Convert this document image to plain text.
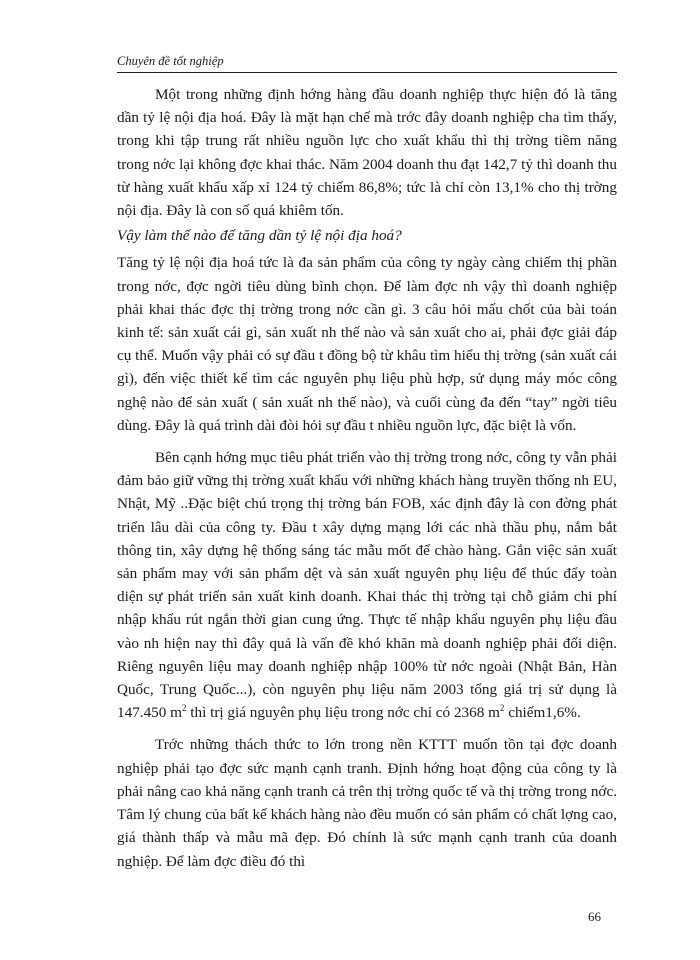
Chuyên đề tốt nghiệp

Một trong những định hớng hàng đầu doanh nghiệp thực hiện đó là tăng dần tỷ lệ nội địa hoá. Đây là mặt hạn chế mà trớc đây doanh nghiệp cha tìm thấy, trong khi tập trung rất nhiều nguồn lực cho xuất khẩu thì thị trờng tiềm năng trong nớc lại không đợc khai thác. Năm 2004 doanh thu đạt 142,7 tỷ thì doanh thu từ hàng xuất khẩu xấp xỉ 124 tỷ chiếm 86,8%; tức là chỉ còn 13,1% cho thị trờng nội địa. Đây là con số quá khiêm tốn.

Vậy làm thế nào để tăng dần tỷ lệ nội địa hoá?

Tăng tỷ lệ nội địa hoá tức là đa sản phẩm của công ty ngày càng chiếm thị phần trong nớc, đợc ngời tiêu dùng bình chọn. Để làm đợc nh vậy thì doanh nghiệp phải khai thác đợc thị trờng trong nớc cần gì. 3 câu hỏi mấu chốt của bài toán kinh tế: sản xuất cái gì, sản xuất nh thế nào và sản xuất cho ai, phải đợc giải đáp cụ thể. Muốn vậy phải có sự đầu t đồng bộ từ khâu tìm hiểu thị trờng (sản xuất cái gì), đến việc thiết kế tìm các nguyên phụ liệu phù hợp, sử dụng máy móc công nghệ nào để sản xuất ( sản xuất nh thế nào), và cuối cùng đa đến “tay” ngời tiêu dùng. Đây là quá trình dài đòi hỏi sự đầu t nhiều nguồn lực, đặc biệt là vốn.

Bên cạnh hớng mục tiêu phát triển vào thị trờng trong nớc, công ty vẫn phải đảm bảo giữ vững thị trờng xuất khẩu với những khách hàng truyền thống nh EU, Nhật, Mỹ ..Đặc biệt chú trọng thị trờng bán FOB, xác định đây là con đờng phát triển lâu dài của công ty. Đầu t xây dựng mạng lới các nhà thầu phụ, nắm bắt thông tin, xây dựng hệ thống sáng tác mẫu mốt để chào hàng. Gắn việc sản xuất sản phẩm may với sản phẩm dệt và sản xuất nguyên phụ liệu để thúc đẩy toàn diện sự phát triển sản xuất kinh doanh. Khai thác thị trờng tại chỗ giảm chi phí nhập khẩu rút ngắn thời gian cung ứng. Thực tế nhập khẩu nguyên phụ liệu đầu vào nh hiện nay thì đây quả là vấn đề khó khăn mà doanh nghiệp phải đối diện. Riêng nguyên liệu may doanh nghiệp nhập 100% từ nớc ngoài (Nhật Bản, Hàn Quốc, Trung Quốc...), còn nguyên phụ liệu năm 2003 tổng giá trị sử dụng là 147.450 $m^2$ thì trị giá nguyên phụ liệu trong nớc chỉ có 2368 $m^2$ chiếm1,6%.

Trớc những thách thức to lớn trong nền KTTT muốn tồn tại đợc doanh nghiệp phải tạo đợc sức mạnh cạnh tranh. Định hớng hoạt động của công ty là phải nâng cao khả năng cạnh tranh cả trên thị trờng quốc tế và thị trờng trong nớc. Tâm lý chung của bất kể khách hàng nào đều muốn có sản phẩm có chất lợng cao, giá thành thấp và mẫu mã đẹp. Đó chính là sức mạnh cạnh tranh của doanh nghiệp. Để làm đợc điều đó thì

66
